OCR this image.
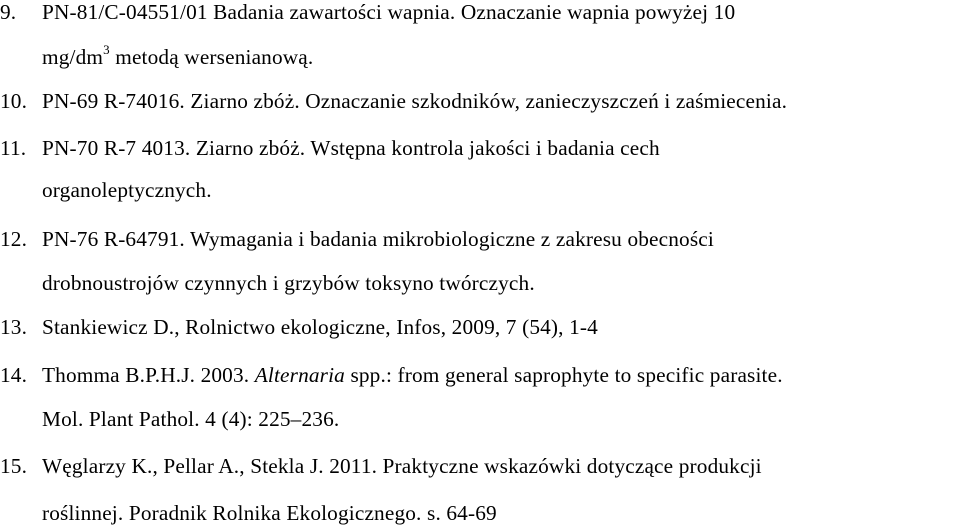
9. PN-81/C-04551/01 Badania zawartości wapnia. Oznaczanie wapnia powyżej 10
$mg/dm^3$ metodą wersenianową.
10. PN-69 R-74016. Ziarno zbóż. Oznaczanie szkodników, zanieczyszczeń i zaśmiecenia.
11. PN-70 R-7 4013. Ziarno zbóż. Wstępna kontrola jakości i badania cech
organoleptycznych.
12. PN-76 R-64791. Wymagania i badania mikrobiologiczne z zakresu obecności
drobnoustrojów czynnych i grzybów toksyno twórczych.
13. Stankiewicz D., Rolnictwo ekologiczne, Infos, 2009, 7 (54), 1-4
14. Thomma B.P.H.J. 2003. Alternaria spp.: from general saprophyte to specific parasite.
Mol. Plant Pathol. 4 (4): 225–236.
15. Węglarzy K., Pellar A., Stekla J. 2011. Praktyczne wskazówki dotyczące produkcji
roślinnej. Poradnik Rolnika Ekologicznego. s. 64-69
